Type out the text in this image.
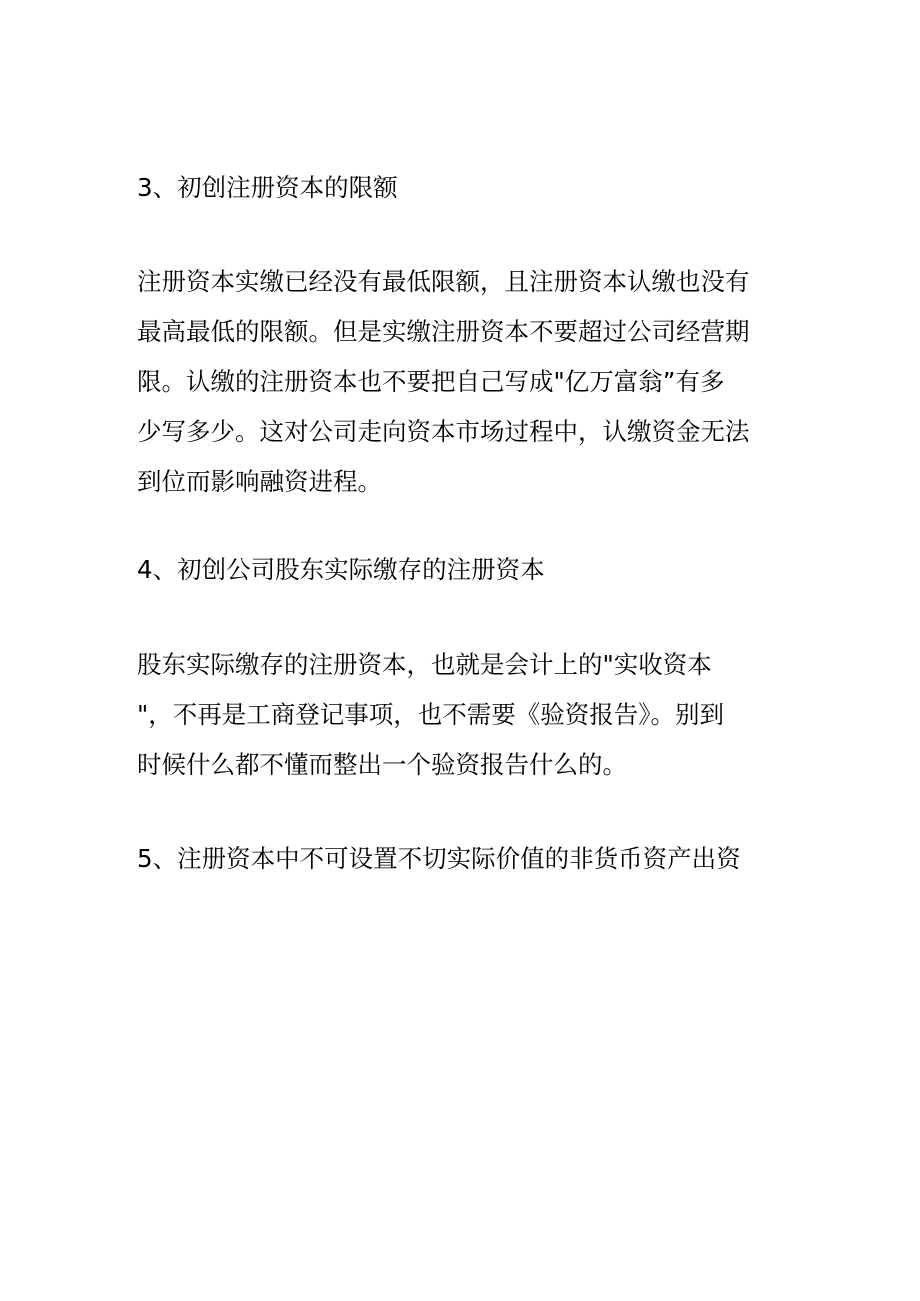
3、初创注册资本的限额
注册资本实缴已经没有最低限额，且注册资本认缴也没有
最高最低的限额。但是实缴注册资本不要超过公司经营期
限。认缴的注册资本也不要把自己写成"亿万富翁”有多
少写多少。这对公司走向资本市场过程中，认缴资金无法
到位而影响融资进程。
4、初创公司股东实际缴存的注册资本
股东实际缴存的注册资本，也就是会计上的"实收资本
"，不再是工商登记事项，也不需要《验资报告》。别到
时候什么都不懂而整出一个验资报告什么的。
5、注册资本中不可设置不切实际价值的非货币资产出资
